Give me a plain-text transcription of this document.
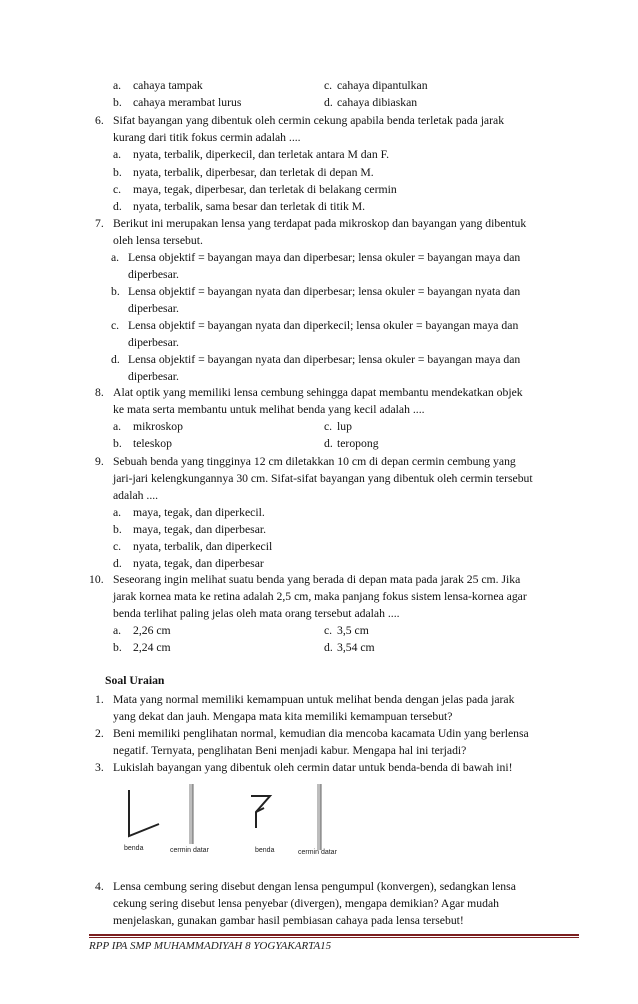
a. cahaya tampak	c. cahaya dipantulkan
b. cahaya merambat lurus	d. cahaya dibiaskan
6. Sifat bayangan yang dibentuk oleh cermin cekung apabila benda terletak pada jarak
kurang dari titik fokus cermin adalah ....
a. nyata, terbalik, diperkecil, dan terletak antara M dan F.
b. nyata, terbalik, diperbesar, dan terletak di depan M.
c. maya, tegak, diperbesar, dan terletak di belakang cermin
d. nyata, terbalik, sama besar dan terletak di titik M.
7. Berikut ini merupakan lensa yang terdapat pada mikroskop dan bayangan yang dibentuk
oleh lensa tersebut.
a. Lensa objektif = bayangan maya dan diperbesar; lensa okuler = bayangan maya dan
diperbesar.
b. Lensa objektif = bayangan nyata dan diperbesar; lensa okuler = bayangan nyata dan
diperbesar.
c. Lensa objektif = bayangan nyata dan diperkecil; lensa okuler = bayangan maya dan
diperbesar.
d. Lensa objektif = bayangan nyata dan diperbesar; lensa okuler = bayangan maya dan
diperbesar.
8. Alat optik yang memiliki lensa cembung sehingga dapat membantu mendekatkan objek
ke mata serta membantu untuk melihat benda yang kecil adalah ....
a. mikroskop	c. lup
b. teleskop	d. teropong
9. Sebuah benda yang tingginya 12 cm diletakkan 10 cm di depan cermin cembung yang
jari-jari kelengkungannya 30 cm. Sifat-sifat bayangan yang dibentuk oleh cermin tersebut
adalah ....
a. maya, tegak, dan diperkecil.
b. maya, tegak, dan diperbesar.
c. nyata, terbalik, dan diperkecil
d. nyata, tegak, dan diperbesar
10. Seseorang ingin melihat suatu benda yang berada di depan mata pada jarak 25 cm. Jika
jarak kornea mata ke retina adalah 2,5 cm, maka panjang fokus sistem lensa-kornea agar
benda terlihat paling jelas oleh mata orang tersebut adalah ....
a. 2,26 cm	c. 3,5 cm
b. 2,24 cm	d. 3,54 cm
Soal Uraian
1. Mata yang normal memiliki kemampuan untuk melihat benda dengan jelas pada jarak
yang dekat dan jauh. Mengapa mata kita memiliki kemampuan tersebut?
2. Beni memiliki penglihatan normal, kemudian dia mencoba kacamata Udin yang berlensa
negatif. Ternyata, penglihatan Beni menjadi kabur. Mengapa hal ini terjadi?
3. Lukislah bayangan yang dibentuk oleh cermin datar untuk benda-benda di bawah ini!
benda	cermin datar	benda	cermin datar
4. Lensa cembung sering disebut dengan lensa pengumpul (konvergen), sedangkan lensa
cekung sering disebut lensa penyebar (divergen), mengapa demikian? Agar mudah
menjelaskan, gunakan gambar hasil pembiasan cahaya pada lensa tersebut!
RPP IPA SMP MUHAMMADIYAH 8 YOGYAKARTA15
